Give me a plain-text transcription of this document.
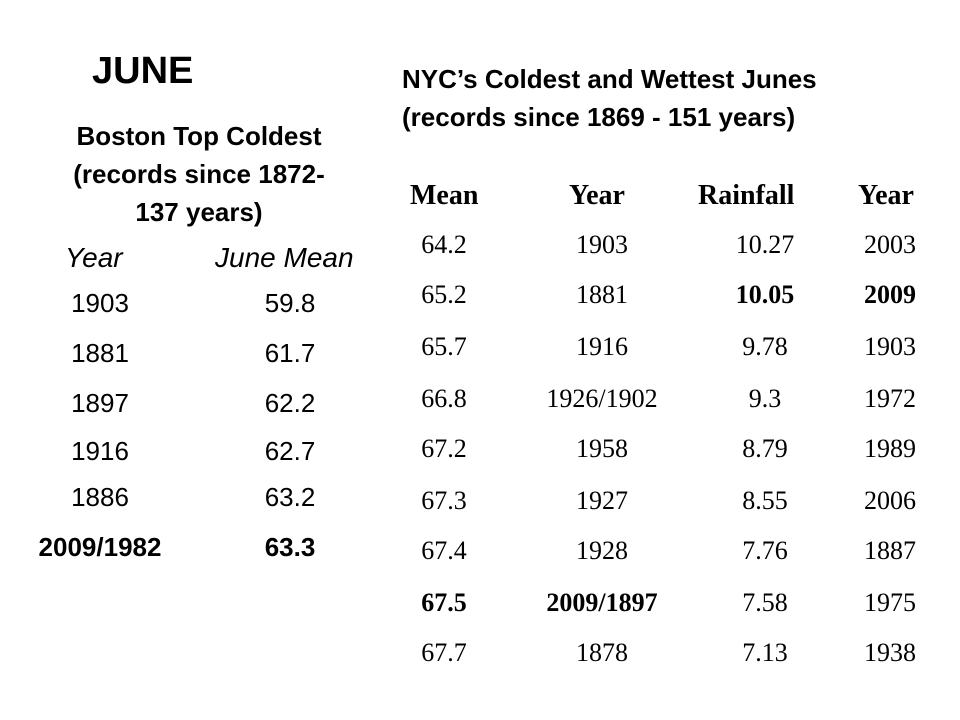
JUNE
Boston Top Coldest
(records since 1872-
137 years)
Year	June Mean
1903	59.8
1881	61.7
1897	62.2
1916	62.7
1886	63.2
2009/1982	63.3
NYC’s Coldest and Wettest Junes
(records since 1869 - 151 years)
Mean	Year	Rainfall Year
64.2	1903	10.27	2003
65.2	1881	10.05	2009
65.7	1916	9.78	1903
66.8	1926/1902	9.3	1972
67.2	1958	8.79	1989
67.3	1927	8.55	2006
67.4	1928	7.76	1887
67.5	2009/1897	7.58	1975
67.7	1878	7.13	1938
